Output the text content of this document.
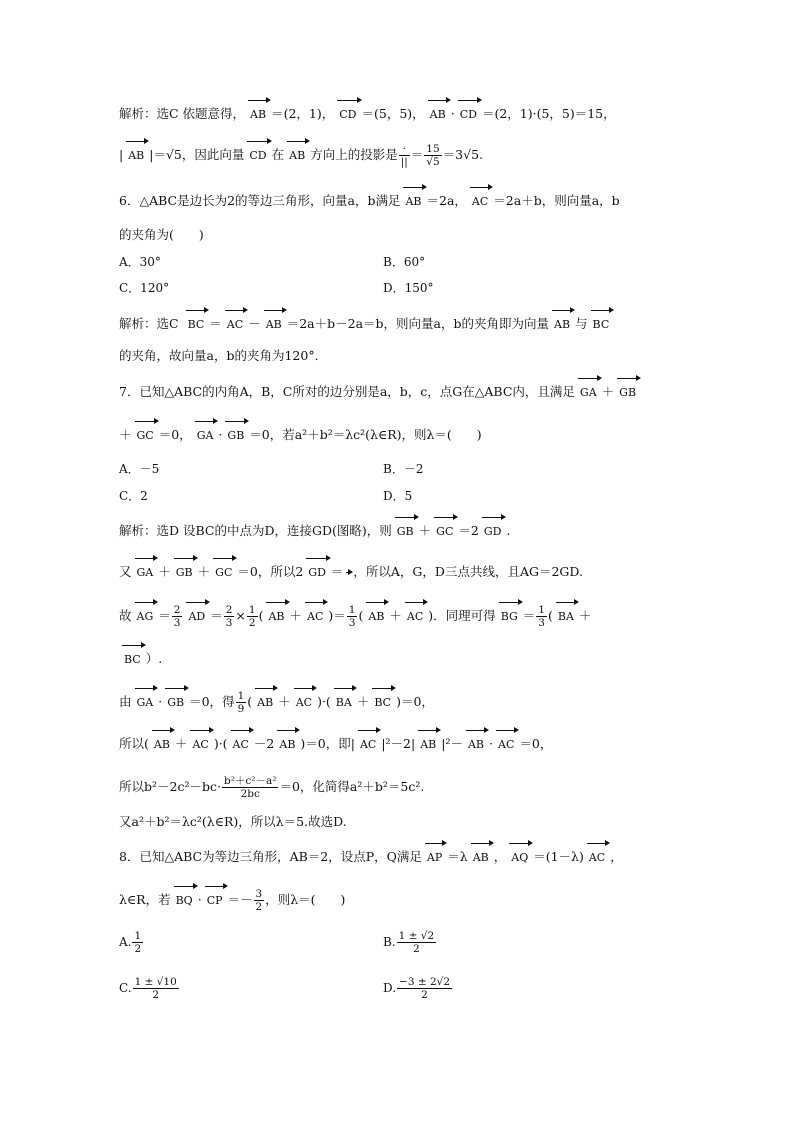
解析：选C 依题意得， AB ＝(2，1)， CD ＝(5，5)， AB · CD ＝(2，1)·(5，5)＝15，
| AB |＝√5，因此向量 CD 在 AB 方向上的投影是 $\frac{\cdot}{||} = \frac{15}{√5} =3√5$.
6．△ABC是边长为2的等边三角形，向量a，b满足 AB ＝2a， AC ＝2a＋b，则向量a，b
的夹角为(　　)
A．30°	B．60°
C．120°	D．150°
解析：选C BC ＝ AC － AB ＝2a＋b－2a＝b，则向量a，b的夹角即为向量 AB 与 BC
的夹角，故向量a，b的夹角为120°．
7．已知△ABC的内角A，B，C所对的边分别是a，b，c，点G在△ABC内，且满足 GA ＋ GB
＋ GC ＝0， GA · GB ＝0，若a²＋b²＝λc²(λ∈R)，则λ＝(　　)
A．－5	B．－2
C．2	D．5
解析：选D 设BC的中点为D，连接GD(图略)，则 GB ＋ GC ＝2 GD .
又 GA ＋ GB ＋ GC ＝0，所以2 GD ＝ ，所以A，G，D三点共线，且AG＝2GD.
故 AG ＝ $\frac{2}{3}$ AD ＝ $\frac{2}{3} \times \frac{1}{2}$ ( AB ＋ AC )＝ $\frac{1}{3}$ ( AB ＋ AC )．同理可得 BG ＝ $\frac{1}{3}$ ( BA ＋
BC ）.
由 GA · GB ＝0，得 $\frac{1}{9}$ ( AB ＋ AC )·( BA ＋ BC )＝0，
所以( AB ＋ AC )·( AC －2 AB )＝0，即| AC |²－2| AB |²－ AB · AC ＝0，
所以$b^2-2c^2-bc\cdot \frac{\text{b²＋c²－a²}}{2bc} =0$，化简得a²＋b²＝5c².
又a²＋b²＝λc²(λ∈R)，所以λ＝5.故选D.
8．已知△ABC为等边三角形，AB＝2，设点P，Q满足 AP ＝λ AB ， AQ ＝(1－λ) AC ，
λ∈R，若 BQ · CP ＝－ $\frac{3}{2}$ ，则λ＝(　　)
A. $\frac{1}{2}$	B. $\frac{1 \pm √2}{2}$
C. $\frac{1 \pm √10}{2}$	D. $\frac{-3 \pm 2√2}{2}$
